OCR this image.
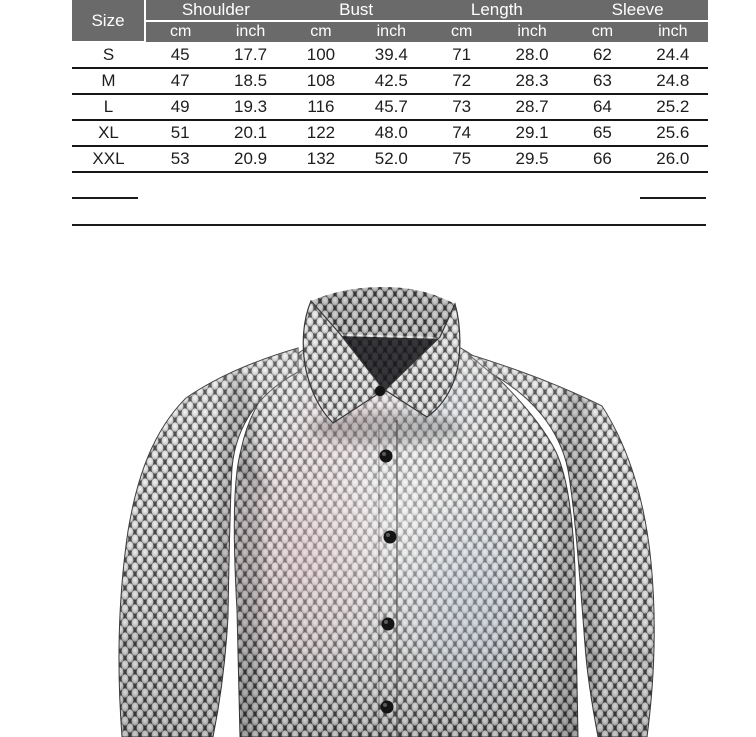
Size	Shoulder		Bust		Length		Sleeve	
	cm	inch	cm	inch	cm	inch	cm	inch
S	45	17.7	100	39.4	71	28.0	62	24.4
M	47	18.5	108	42.5	72	28.3	63	24.8
L	49	19.3	116	45.7	73	28.7	64	25.2
XL	51	20.1	122	48.0	74	29.1	65	25.6
XXL	53	20.9	132	52.0	75	29.5	66	26.0
